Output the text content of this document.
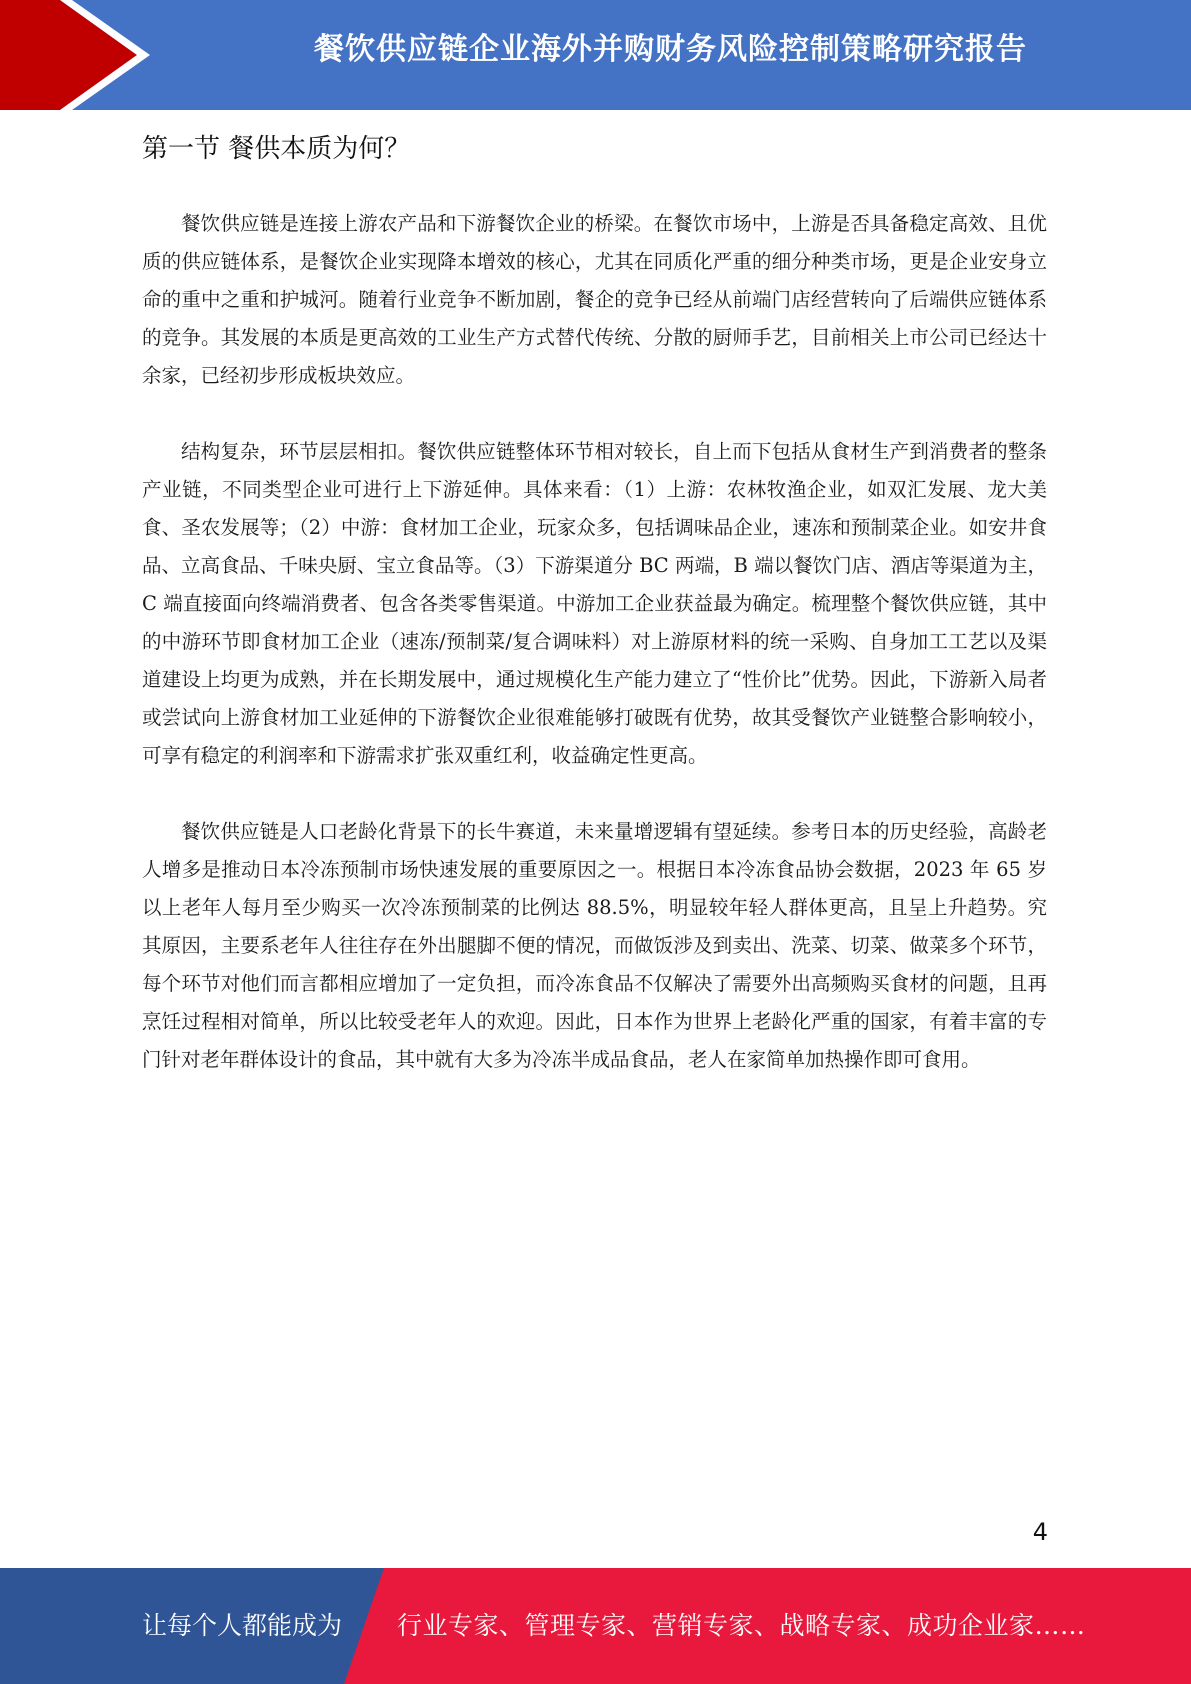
餐饮供应链企业海外并购财务风险控制策略研究报告
第一节 餐供本质为何？

餐饮供应链是连接上游农产品和下游餐饮企业的桥梁。在餐饮市场中，上游是否具备稳定高效、且优质的供应链体系，是餐饮企业实现降本增效的核心，尤其在同质化严重的细分种类市场，更是企业安身立命的重中之重和护城河。随着行业竞争不断加剧，餐企的竞争已经从前端门店经营转向了后端供应链体系的竞争。其发展的本质是更高效的工业生产方式替代传统、分散的厨师手艺，目前相关上市公司已经达十余家，已经初步形成板块效应。

结构复杂，环节层层相扣。餐饮供应链整体环节相对较长，自上而下包括从食材生产到消费者的整条产业链，不同类型企业可进行上下游延伸。具体来看：（1）上游：农林牧渔企业，如双汇发展、龙大美食、圣农发展等；（2）中游：食材加工企业，玩家众多，包括调味品企业，速冻和预制菜企业。如安井食品、立高食品、千味央厨、宝立食品等。（3）下游渠道分 BC 两端，B 端以餐饮门店、酒店等渠道为主，C 端直接面向终端消费者、包含各类零售渠道。中游加工企业获益最为确定。梳理整个餐饮供应链，其中的中游环节即食材加工企业（速冻/预制菜/复合调味料）对上游原材料的统一采购、自身加工工艺以及渠道建设上均更为成熟，并在长期发展中，通过规模化生产能力建立了“性价比”优势。因此，下游新入局者或尝试向上游食材加工业延伸的下游餐饮企业很难能够打破既有优势，故其受餐饮产业链整合影响较小，可享有稳定的利润率和下游需求扩张双重红利，收益确定性更高。

餐饮供应链是人口老龄化背景下的长牛赛道，未来量增逻辑有望延续。参考日本的历史经验，高龄老人增多是推动日本冷冻预制市场快速发展的重要原因之一。根据日本冷冻食品协会数据，2023 年 65 岁以上老年人每月至少购买一次冷冻预制菜的比例达 88.5%，明显较年轻人群体更高，且呈上升趋势。究其原因，主要系老年人往往存在外出腿脚不便的情况，而做饭涉及到卖出、洗菜、切菜、做菜多个环节，每个环节对他们而言都相应增加了一定负担，而冷冻食品不仅解决了需要外出高频购买食材的问题，且再烹饪过程相对简单，所以比较受老年人的欢迎。因此，日本作为世界上老龄化严重的国家，有着丰富的专门针对老年群体设计的食品，其中就有大多为冷冻半成品食品，老人在家简单加热操作即可食用。

4
让每个人都能成为 行业专家、管理专家、营销专家、战略专家、成功企业家……
